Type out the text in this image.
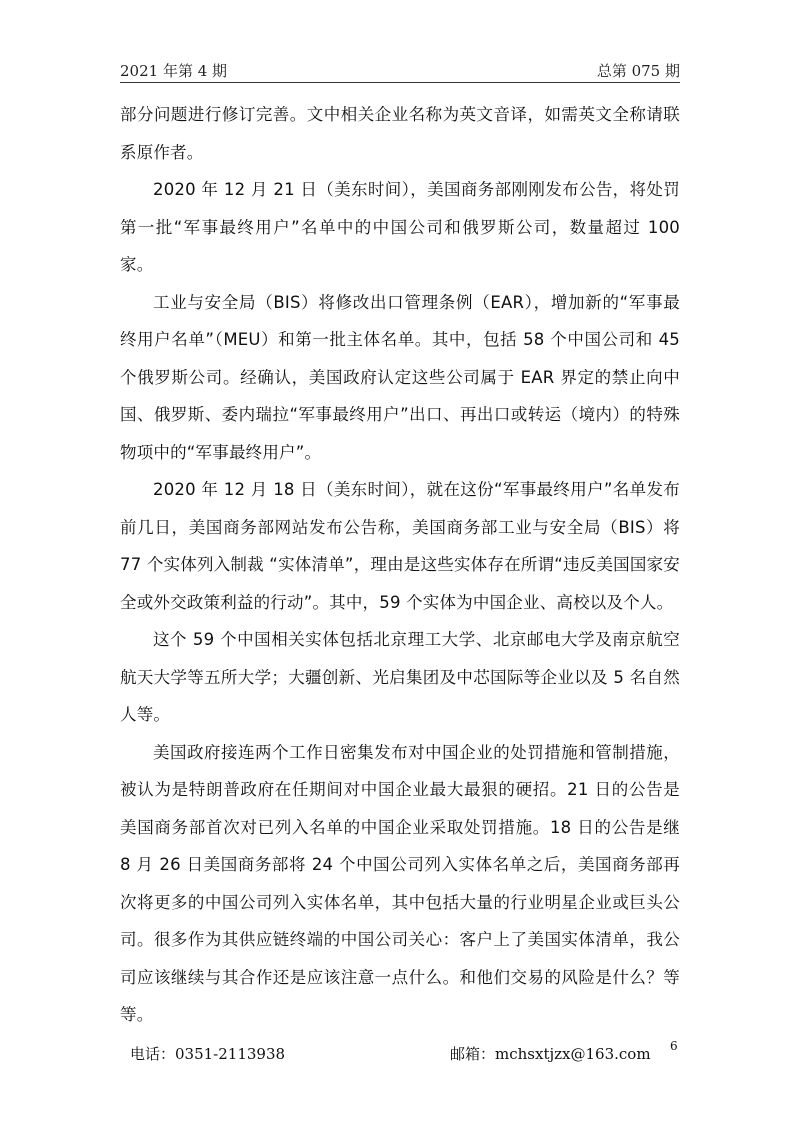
2021 年第 4 期	总第 075 期

部分问题进行修订完善。文中相关企业名称为英文音译，如需英文全称请联系原作者。

2020 年 12 月 21 日（美东时间），美国商务部刚刚发布公告，将处罚第一批“军事最终用户”名单中的中国公司和俄罗斯公司，数量超过 100 家。

工业与安全局（BIS）将修改出口管理条例（EAR），增加新的“军事最终用户名单”（MEU）和第一批主体名单。其中，包括 58 个中国公司和 45 个俄罗斯公司。经确认，美国政府认定这些公司属于 EAR 界定的禁止向中国、俄罗斯、委内瑞拉“军事最终用户”出口、再出口或转运（境内）的特殊物项中的“军事最终用户”。

2020 年 12 月 18 日（美东时间），就在这份“军事最终用户”名单发布前几日，美国商务部网站发布公告称，美国商务部工业与安全局（BIS）将 77 个实体列入制裁 “实体清单”，理由是这些实体存在所谓“违反美国国家安全或外交政策利益的行动”。其中，59 个实体为中国企业、高校以及个人。

这个 59 个中国相关实体包括北京理工大学、北京邮电大学及南京航空航天大学等五所大学；大疆创新、光启集团及中芯国际等企业以及 5 名自然人等。

美国政府接连两个工作日密集发布对中国企业的处罚措施和管制措施，被认为是特朗普政府在任期间对中国企业最大最狠的硬招。21 日的公告是美国商务部首次对已列入名单的中国企业采取处罚措施。18 日的公告是继 8 月 26 日美国商务部将 24 个中国公司列入实体名单之后，美国商务部再次将更多的中国公司列入实体名单，其中包括大量的行业明星企业或巨头公司。很多作为其供应链终端的中国公司关心：客户上了美国实体清单，我公司应该继续与其合作还是应该注意一点什么。和他们交易的风险是什么？等等。

电话：0351-2113938	邮箱：mchsxtjzx@163.com 6
